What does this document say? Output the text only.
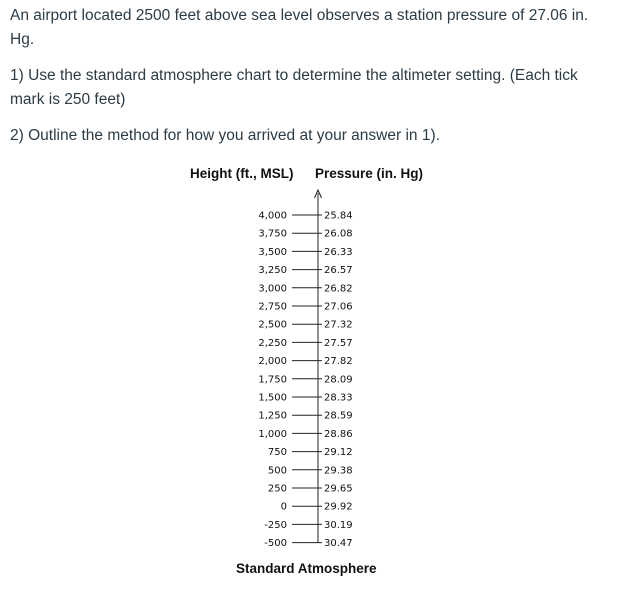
An airport located 2500 feet above sea level observes a station pressure of 27.06 in. Hg.

1) Use the standard atmosphere chart to determine the altimeter setting. (Each tick mark is 250 feet)

2) Outline the method for how you arrived at your answer in 1).

Height (ft., MSL) Pressure (in. Hg)
4,000	25.84
3,750	26.08
3,500	26.33
3,250	26.57
3,000	26.82
2,750	27.06
2,500	27.32
2,250	27.57
2,000	27.82
1,750	28.09
1,500	28.33
1,250	28.59
1,000	28.86
750	29.12
500	29.38
250	29.65
0	29.92
-250	30.19
-500	30.47
Standard Atmosphere
